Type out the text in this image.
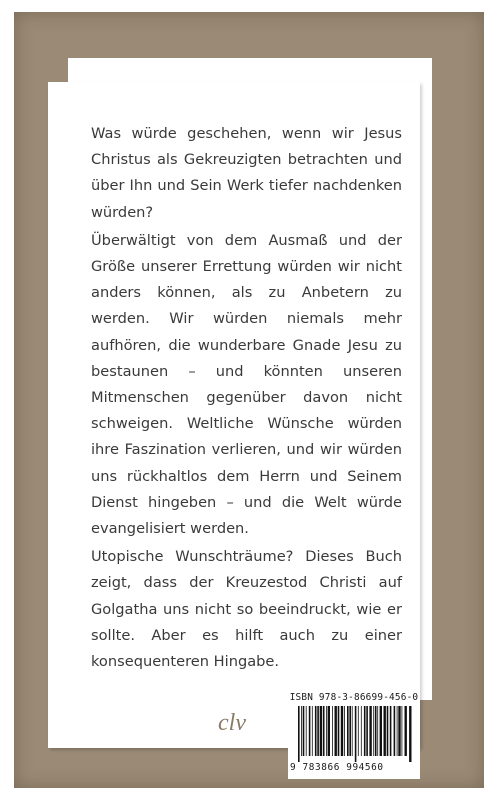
Was würde geschehen, wenn wir Jesus Christus als Gekreuzigten betrachten und über Ihn und Sein Werk tiefer nachdenken würden?

Überwältigt von dem Ausmaß und der Größe unserer Errettung würden wir nicht anders können, als zu Anbetern zu werden. Wir würden niemals mehr aufhören, die wunderbare Gnade Jesu zu bestaunen – und könnten unseren Mitmenschen gegenüber davon nicht schweigen. Weltliche Wünsche würden ihre Faszination verlieren, und wir würden uns rückhaltlos dem Herrn und Seinem Dienst hingeben – und die Welt würde evangelisiert werden.

Utopische Wunschträume? Dieses Buch zeigt, dass der Kreuzestod Christi auf Golgatha uns nicht so beeindruckt, wie er sollte. Aber es hilft auch zu einer konsequenteren Hingabe.

clv
ISBN 978-3-86699-456-0
9 783866 994560
